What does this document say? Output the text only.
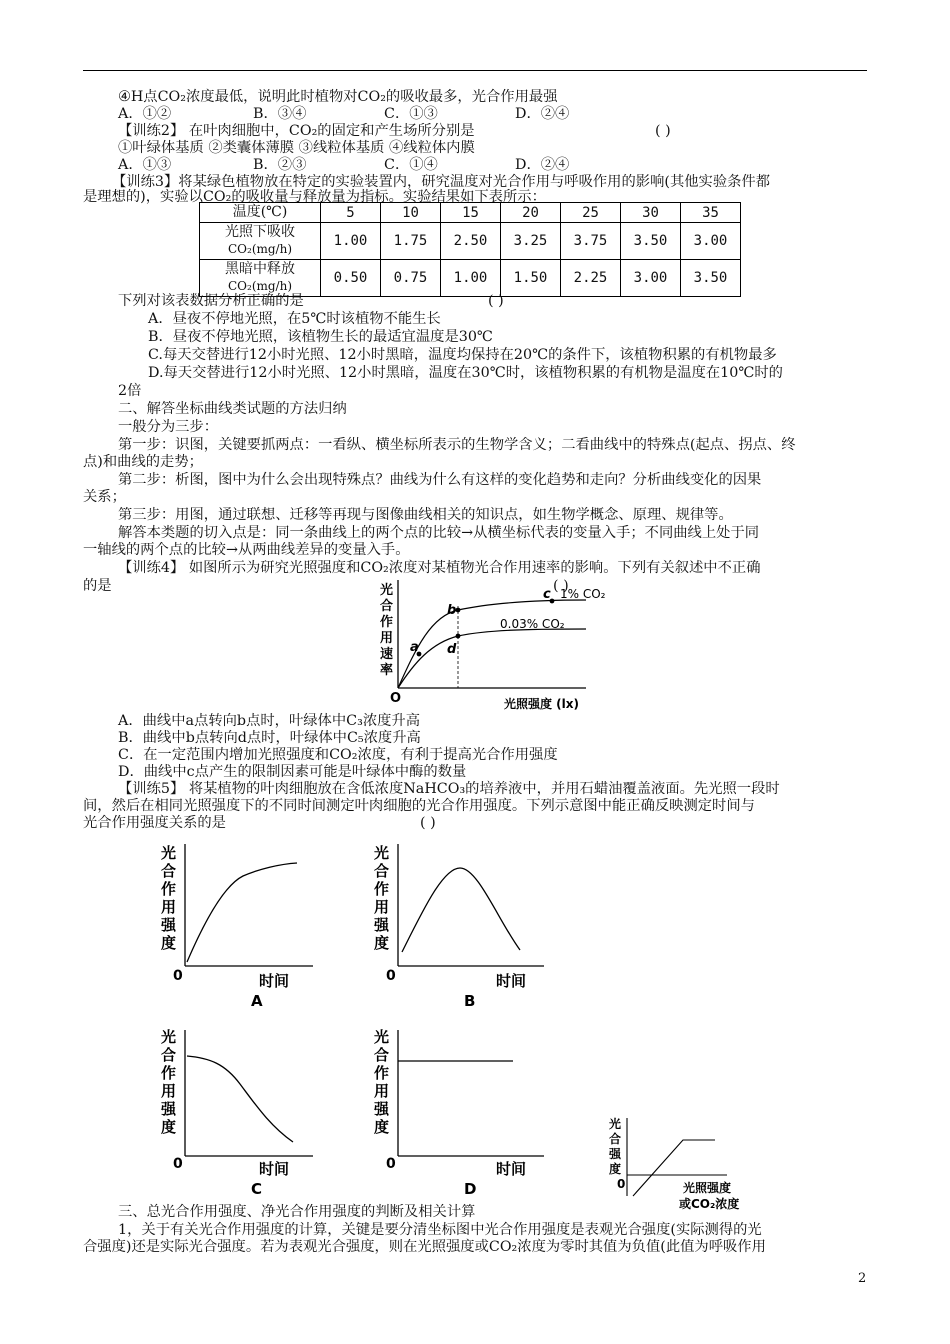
④H点CO₂浓度最低，说明此时植物对CO₂的吸收最多，光合作用最强
A．①②	B．③④	C．①③	D．②④
【训练2】 在叶肉细胞中，CO₂的固定和产生场所分别是	( )
①叶绿体基质 ②类囊体薄膜 ③线粒体基质 ④线粒体内膜
A．①③	B．②③	C．①④	D．②④
【训练3】将某绿色植物放在特定的实验装置内，研究温度对光合作用与呼吸作用的影响(其他实验条件都
是理想的)，实验以CO₂的吸收量与释放量为指标。实验结果如下表所示：
温度(℃)	5	10	15	20	25	30	35

光照下吸收
CO₂(mg/h)	1.00	1.75	2.50	3.25	3.75	3.50	3.00

黑暗中释放
CO₂(mg/h)	0.50	0.75	1.00	1.50	2.25	3.00	3.50
下列对该表数据分析正确的是	( )
A．昼夜不停地光照，在5℃时该植物不能生长
B．昼夜不停地光照，该植物生长的最适宜温度是30℃
C.每天交替进行12小时光照、12小时黑暗，温度均保持在20℃的条件下，该植物积累的有机物最多
D.每天交替进行12小时光照、12小时黑暗，温度在30℃时，该植物积累的有机物是温度在10℃时的
2倍
二、解答坐标曲线类试题的方法归纳
一般分为三步：
第一步：识图，关键要抓两点：一看纵、横坐标所表示的生物学含义；二看曲线中的特殊点(起点、拐点、终
点)和曲线的走势；
第二步：析图，图中为什么会出现特殊点？曲线为什么有这样的变化趋势和走向？分析曲线变化的因果
关系；
第三步：用图，通过联想、迁移等再现与图像曲线相关的知识点，如生物学概念、原理、规律等。
解答本类题的切入点是：同一条曲线上的两个点的比较→从横坐标代表的变量入手；不同曲线上处于同
一轴线的两个点的比较→从两曲线差异的变量入手。
【训练4】 如图所示为研究光照强度和CO₂浓度对某植物光合作用速率的影响。下列有关叙述中不正确
的是	( )
光
合
作
用
速
率
O	光照强度 (lx)
a
b
c
d
1% CO₂
0.03% CO₂
A．曲线中a点转向b点时，叶绿体中C₃浓度升高
B．曲线中b点转向d点时，叶绿体中C₅浓度升高
C．在一定范围内增加光照强度和CO₂浓度，有利于提高光合作用强度
D．曲线中c点产生的限制因素可能是叶绿体中酶的数量
【训练5】 将某植物的叶肉细胞放在含低浓度NaHCO₃的培养液中，并用石蜡油覆盖液面。先光照一段时
间，然后在相同光照强度下的不同时间测定叶肉细胞的光合作用强度。下列示意图中能正确反映测定时间与
光合作用强度关系的是	( )
光
合
作
用
强
度
0	时间
A
光
合
作
用
强
度
0	时间
B
光
合
作
用
强
度
0	时间
C
光
合
作
用
强
度
0	时间
D
光
合
强
度
0	光照强度
或CO₂浓度
三、总光合作用强度、净光合作用强度的判断及相关计算
1，关于有关光合作用强度的计算，关键是要分清坐标图中光合作用强度是表观光合强度(实际测得的光
合强度)还是实际光合强度。若为表观光合强度，则在光照强度或CO₂浓度为零时其值为负值(此值为呼吸作用
2
